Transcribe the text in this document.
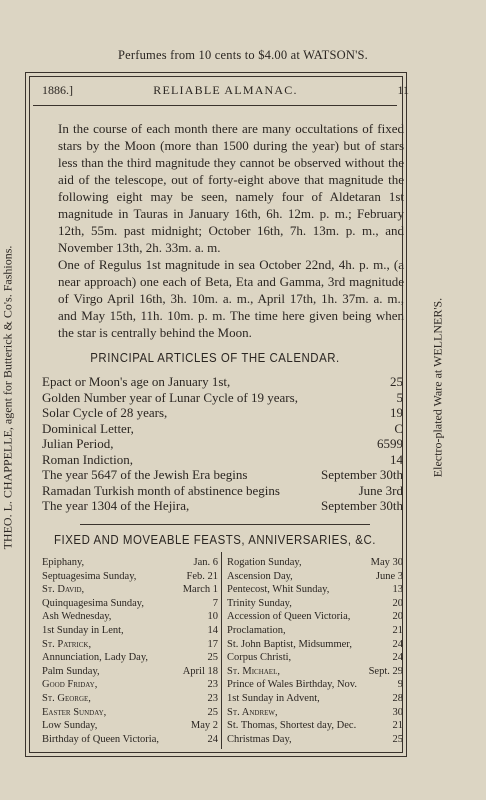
Perfumes from 10 cents to $4.00 at WATSON'S.
THEO. L. CHAPPELLE, agent for Butterick & Co's. Fashions.	Electro-plated Ware at WELLNER'S.
1886.]	RELIABLE ALMANAC.	11
In the course of each month there are many occultations of fixed stars by the Moon (more than 1500 during the year) but of stars less than the third magnitude they cannot be observed without the aid of the telescope, out of forty-eight above that magnitude the following eight may be seen, namely four of Aldetaran 1st magnitude in Tauras in January 16th, 6h. 12m. p. m.; February 12th, 55m. past midnight; October 16th, 7h. 13m. p. m., and November 13th, 2h. 33m. a. m.
One of Regulus 1st magnitude in sea October 22nd, 4h. p. m., (a near approach) one each of Beta, Eta and Gamma, 3rd magnitude of Virgo April 16th, 3h. 10m. a. m., April 17th, 1h. 37m. a. m., and May 15th, 11h. 10m. p. m. The time here given being when the star is centrally behind the Moon.
PRINCIPAL ARTICLES OF THE CALENDAR.
Epact or Moon's age on January 1st,	25
Golden Number year of Lunar Cycle of 19 years,	5
Solar Cycle of 28 years,	19
Dominical Letter,	C
Julian Period,	6599
Roman Indiction,	14
The year 5647 of the Jewish Era begins	September 30th
Ramadan Turkish month of abstinence begins	June 3rd
The year 1304 of the Hejira,	September 30th
FIXED AND MOVEABLE FEASTS, ANNIVERSARIES, &C.
Epiphany,	Jan. 6
Septuagesima Sunday,	Feb. 21
St. David,	March 1
Quinquagesima Sunday,	7
Ash Wednesday,	10
1st Sunday in Lent,	14
St. Patrick,	17
Annunciation, Lady Day,	25
Palm Sunday,	April 18
Good Friday,	23
St. George,	23
Easter Sunday,	25
Low Sunday,	May 2
Birthday of Queen Victoria,	24
Rogation Sunday,	May 30
Ascension Day,	June 3
Pentecost, Whit Sunday,	13
Trinity Sunday,	20
Accession of Queen Victoria,	20
Proclamation,	21
St. John Baptist, Midsummer,	24
Corpus Christi,	24
St. Michael,	Sept. 29
Prince of Wales Birthday, Nov.	9
1st Sunday in Advent,	28
St. Andrew,	30
St. Thomas, Shortest day, Dec.	21
Christmas Day,	25
